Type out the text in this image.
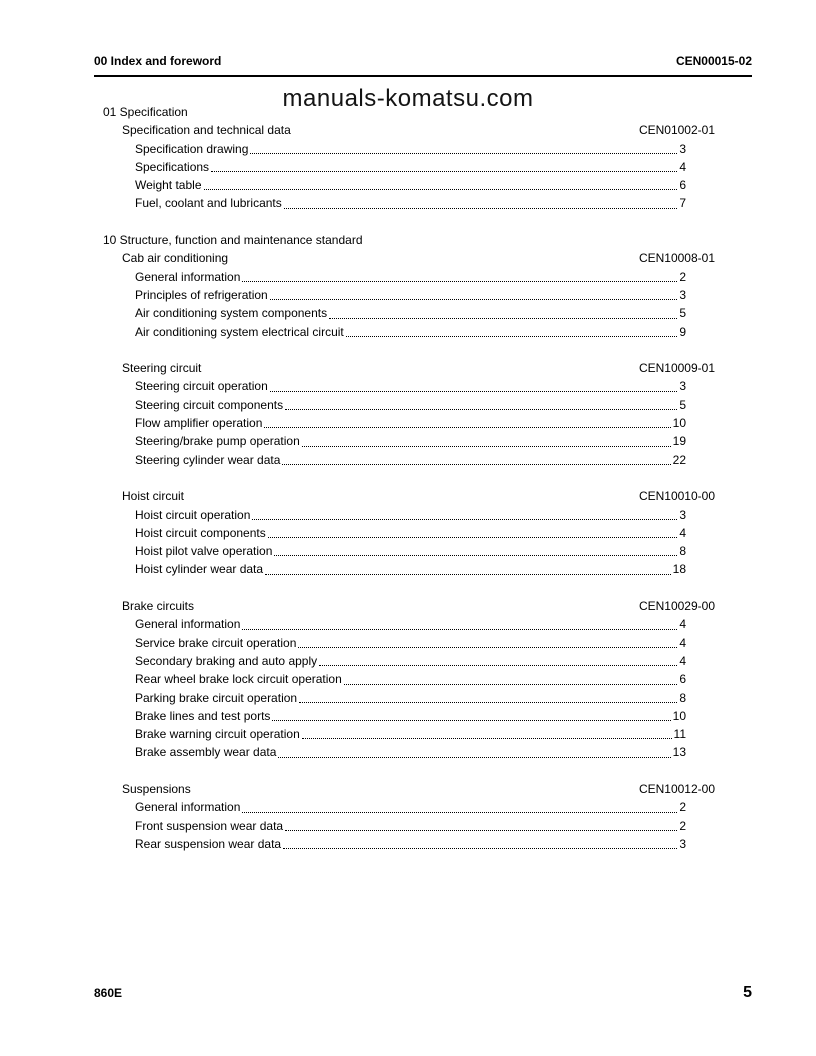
00 Index and foreword	CEN00015-02
manuals-komatsu.com
01 Specification
Specification and technical data	CEN01002-01
Specification drawing	3
Specifications	4
Weight table	6
Fuel, coolant and lubricants	7
10 Structure, function and maintenance standard
Cab air conditioning	CEN10008-01
General information	2
Principles of refrigeration	3
Air conditioning system components	5
Air conditioning system electrical circuit	9
Steering circuit	CEN10009-01
Steering circuit operation	3
Steering circuit components	5
Flow amplifier operation	10
Steering/brake pump operation	19
Steering cylinder wear data	22
Hoist circuit	CEN10010-00
Hoist circuit operation	3
Hoist circuit components	4
Hoist pilot valve operation	8
Hoist cylinder wear data	18
Brake circuits	CEN10029-00
General information	4
Service brake circuit operation	4
Secondary braking and auto apply	4
Rear wheel brake lock circuit operation	6
Parking brake circuit operation	8
Brake lines and test ports	10
Brake warning circuit operation	11
Brake assembly wear data	13
Suspensions	CEN10012-00
General information	2
Front suspension wear data	2
Rear suspension wear data	3
860E	5
